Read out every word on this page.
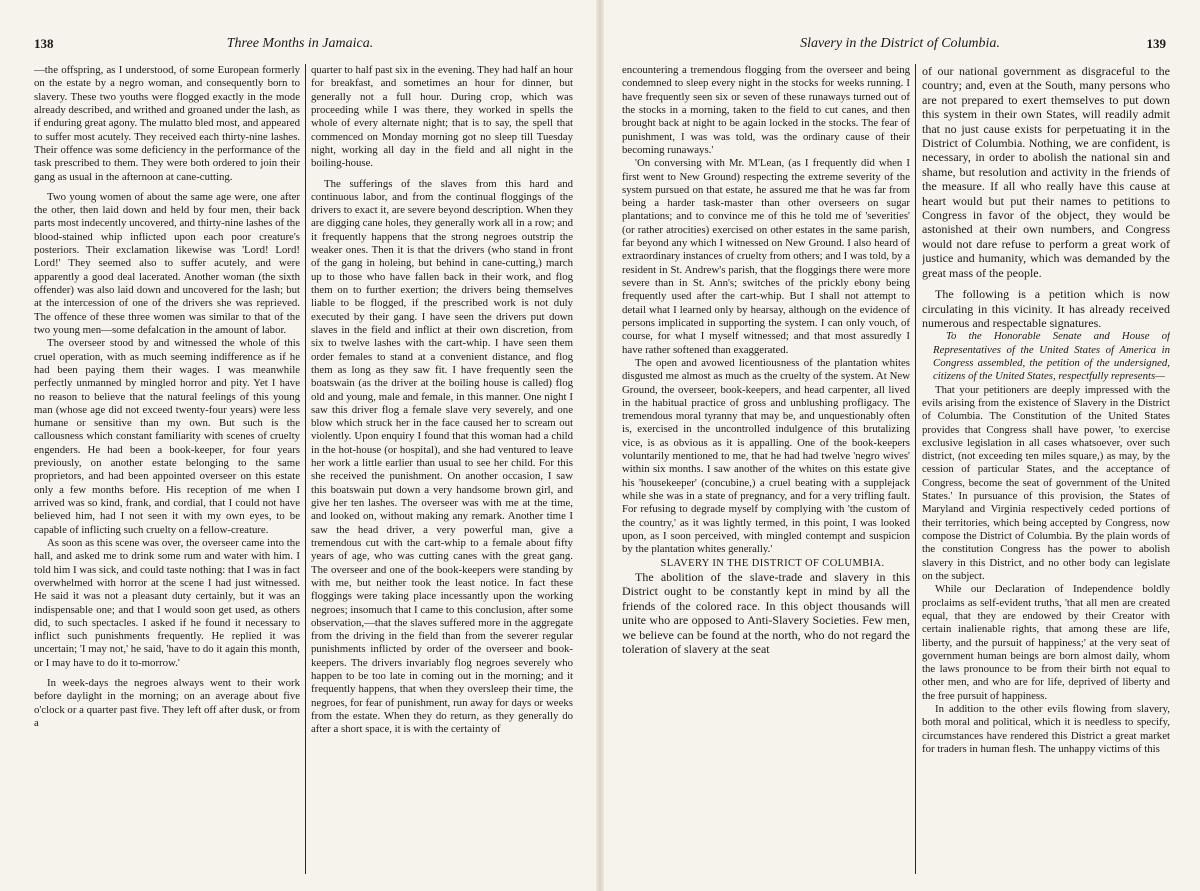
138	Three Months in Jamaica.

—the offspring, as I understood, of some European formerly on the estate by a negro woman, and consequently born to slavery. These two youths were flogged exactly in the mode already described, and writhed and groaned under the lash, as if enduring great agony. The mulatto bled most, and appeared to suffer most acutely. They received each thirty-nine lashes. Their offence was some deficiency in the performance of the task prescribed to them. They were both ordered to join their gang as usual in the afternoon at cane-cutting.

Two young women of about the same age were, one after the other, then laid down and held by four men, their back parts most indecently uncovered, and thirty-nine lashes of the blood-stained whip inflicted upon each poor creature's posteriors. Their exclamation likewise was 'Lord! Lord! Lord!' They seemed also to suffer acutely, and were apparently a good deal lacerated. Another woman (the sixth offender) was also laid down and uncovered for the lash; but at the intercession of one of the drivers she was reprieved. The offence of these three women was similar to that of the two young men—some defalcation in the amount of labor.

The overseer stood by and witnessed the whole of this cruel operation, with as much seeming indifference as if he had been paying them their wages. I was meanwhile perfectly unmanned by mingled horror and pity. Yet I have no reason to believe that the natural feelings of this young man (whose age did not exceed twenty-four years) were less humane or sensitive than my own. But such is the callousness which constant familiarity with scenes of cruelty engenders. He had been a book-keeper, for four years previously, on another estate belonging to the same proprietors, and had been appointed overseer on this estate only a few months before. His reception of me when I arrived was so kind, frank, and cordial, that I could not have believed him, had I not seen it with my own eyes, to be capable of inflicting such cruelty on a fellow-creature.

As soon as this scene was over, the overseer came into the hall, and asked me to drink some rum and water with him. I told him I was sick, and could taste nothing: that I was in fact overwhelmed with horror at the scene I had just witnessed. He said it was not a pleasant duty certainly, but it was an indispensable one; and that I would soon get used, as others did, to such spectacles. I asked if he found it necessary to inflict such punishments frequently. He replied it was uncertain; 'I may not,' he said, 'have to do it again this month, or I may have to do it to-morrow.'

In week-days the negroes always went to their work before daylight in the morning; on an average about five o'clock or a quarter past five. They left off after dusk, or from a

quarter to half past six in the evening. They had half an hour for breakfast, and sometimes an hour for dinner, but generally not a full hour. During crop, which was proceeding while I was there, they worked in spells the whole of every alternate night; that is to say, the spell that commenced on Monday morning got no sleep till Tuesday night, working all day in the field and all night in the boiling-house.

The sufferings of the slaves from this hard and continuous labor, and from the continual floggings of the drivers to exact it, are severe beyond description. When they are digging cane holes, they generally work all in a row; and it frequently happens that the strong negroes outstrip the weaker ones. Then it is that the drivers (who stand in front of the gang in holeing, but behind in cane-cutting,) march up to those who have fallen back in their work, and flog them on to further exertion; the drivers being themselves liable to be flogged, if the prescribed work is not duly executed by their gang. I have seen the drivers put down slaves in the field and inflict at their own discretion, from six to twelve lashes with the cart-whip. I have seen them order females to stand at a convenient distance, and flog them as long as they saw fit. I have frequently seen the boatswain (as the driver at the boiling house is called) flog old and young, male and female, in this manner. One night I saw this driver flog a female slave very severely, and one blow which struck her in the face caused her to scream out violently. Upon enquiry I found that this woman had a child in the hot-house (or hospital), and she had ventured to leave her work a little earlier than usual to see her child. For this she received the punishment. On another occasion, I saw this boatswain put down a very handsome brown girl, and give her ten lashes. The overseer was with me at the time, and looked on, without making any remark. Another time I saw the head driver, a very powerful man, give a tremendous cut with the cart-whip to a female about fifty years of age, who was cutting canes with the great gang. The overseer and one of the book-keepers were standing by with me, but neither took the least notice. In fact these floggings were taking place incessantly upon the working negroes; insomuch that I came to this conclusion, after some observation,—that the slaves suffered more in the aggregate from the driving in the field than from the severer regular punishments inflicted by order of the overseer and book-keepers. The drivers invariably flog negroes severely who happen to be too late in coming out in the morning; and it frequently happens, that when they oversleep their time, the negroes, for fear of punishment, run away for days or weeks from the estate. When they do return, as they generally do after a short space, it is with the certainty of

Slavery in the District of Columbia.	139

encountering a tremendous flogging from the overseer and being condemned to sleep every night in the stocks for weeks running. I have frequently seen six or seven of these runaways turned out of the stocks in a morning, taken to the field to cut canes, and then brought back at night to be again locked in the stocks. The fear of punishment, I was was told, was the ordinary cause of their becoming runaways.'

'On conversing with Mr. M'Lean, (as I frequently did when I first went to New Ground) respecting the extreme severity of the system pursued on that estate, he assured me that he was far from being a harder task-master than other overseers on sugar plantations; and to convince me of this he told me of 'severities' (or rather atrocities) exercised on other estates in the same parish, far beyond any which I witnessed on New Ground. I also heard of extraordinary instances of cruelty from others; and I was told, by a resident in St. Andrew's parish, that the floggings there were more severe than in St. Ann's; switches of the prickly ebony being frequently used after the cart-whip. But I shall not attempt to detail what I learned only by hearsay, although on the evidence of persons implicated in supporting the system. I can only vouch, of course, for what I myself witnessed; and that most assuredly I have rather softened than exaggerated.

The open and avowed licentiousness of the plantation whites disgusted me almost as much as the cruelty of the system. At New Ground, the overseer, book-keepers, and head carpenter, all lived in the habitual practice of gross and unblushing profligacy. The tremendous moral tyranny that may be, and unquestionably often is, exercised in the uncontrolled indulgence of this brutalizing vice, is as obvious as it is appalling. One of the book-keepers voluntarily mentioned to me, that he had had twelve 'negro wives' within six months. I saw another of the whites on this estate give his 'housekeeper' (concubine,) a cruel beating with a supplejack while she was in a state of pregnancy, and for a very trifling fault. For refusing to degrade myself by complying with 'the custom of the country,' as it was lightly termed, in this point, I was looked upon, as I soon perceived, with mingled contempt and suspicion by the plantation whites generally.'

SLAVERY IN THE DISTRICT OF COLUMBIA.

The abolition of the slave-trade and slavery in this District ought to be constantly kept in mind by all the friends of the colored race. In this object thousands will unite who are opposed to Anti-Slavery Societies. Few men, we believe can be found at the north, who do not regard the toleration of slavery at the seat

of our national government as disgraceful to the country; and, even at the South, many persons who are not prepared to exert themselves to put down this system in their own States, will readily admit that no just cause exists for perpetuating it in the District of Columbia. Nothing, we are confident, is necessary, in order to abolish the national sin and shame, but resolution and activity in the friends of the measure. If all who really have this cause at heart would but put their names to petitions to Congress in favor of the object, they would be astonished at their own numbers, and Congress would not dare refuse to perform a great work of justice and humanity, which was demanded by the great mass of the people.

The following is a petition which is now circulating in this vicinity. It has already received numerous and respectable signatures.

To the Honorable Senate and House of Representatives of the United States of America in Congress assembled, the petition of the undersigned, citizens of the United States, respectfully represents—

That your petitioners are deeply impressed with the evils arising from the existence of Slavery in the District of Columbia. The Constitution of the United States provides that Congress shall have power, 'to exercise exclusive legislation in all cases whatsoever, over such district, (not exceeding ten miles square,) as may, by the cession of particular States, and the acceptance of Congress, become the seat of government of the United States.' In pursuance of this provision, the States of Maryland and Virginia respectively ceded portions of their territories, which being accepted by Congress, now compose the District of Columbia. By the plain words of the constitution Congress has the power to abolish slavery in this District, and no other body can legislate on the subject.

While our Declaration of Independence boldly proclaims as self-evident truths, 'that all men are created equal, that they are endowed by their Creator with certain inalienable rights, that among these are life, liberty, and the pursuit of happiness;' at the very seat of government human beings are born almost daily, whom the laws pronounce to be from their birth not equal to other men, and who are for life, deprived of liberty and the free pursuit of happiness.

In addition to the other evils flowing from slavery, both moral and political, which it is needless to specify, circumstances have rendered this District a great market for traders in human flesh. The unhappy victims of this
